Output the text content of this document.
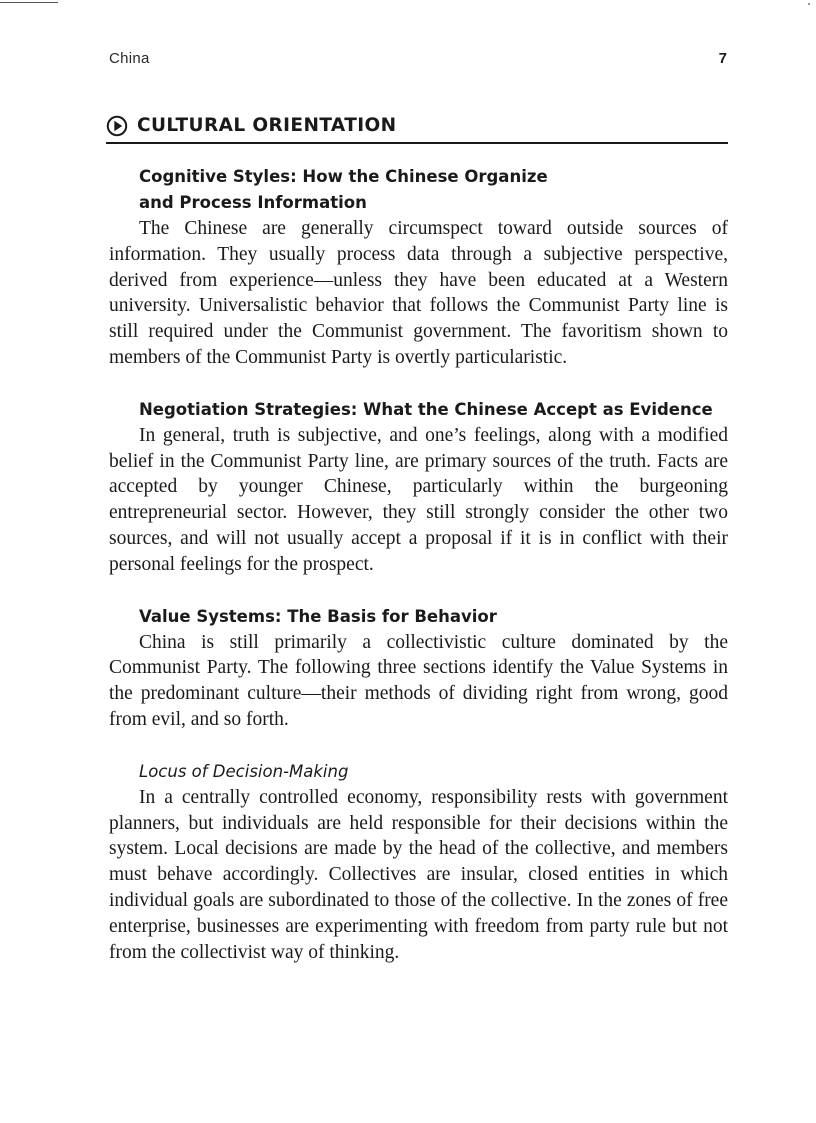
China	7
CULTURAL ORIENTATION

Cognitive Styles: How the Chinese Organize

and Process Information

The Chinese are generally circumspect toward outside sources of information. They usually process data through a subjective perspective, derived from experience—unless they have been educated at a Western university. Universalistic behavior that follows the Communist Party line is still required under the Communist government. The favoritism shown to members of the Communist Party is overtly particularistic.

Negotiation Strategies: What the Chinese Accept as Evidence

In general, truth is subjective, and one’s feelings, along with a modified belief in the Communist Party line, are primary sources of the truth. Facts are accepted by younger Chinese, particularly within the burgeoning entrepreneurial sector. However, they still strongly consider the other two sources, and will not usually accept a proposal if it is in conflict with their personal feelings for the prospect.

Value Systems: The Basis for Behavior

China is still primarily a collectivistic culture dominated by the Communist Party. The following three sections identify the Value Systems in the predominant culture—their methods of dividing right from wrong, good from evil, and so forth.

Locus of Decision-Making

In a centrally controlled economy, responsibility rests with government planners, but individuals are held responsible for their decisions within the system. Local decisions are made by the head of the collective, and members must behave accordingly. Collectives are insular, closed entities in which individual goals are subordinated to those of the collective. In the zones of free enterprise, businesses are experimenting with freedom from party rule but not from the collectivist way of thinking.
